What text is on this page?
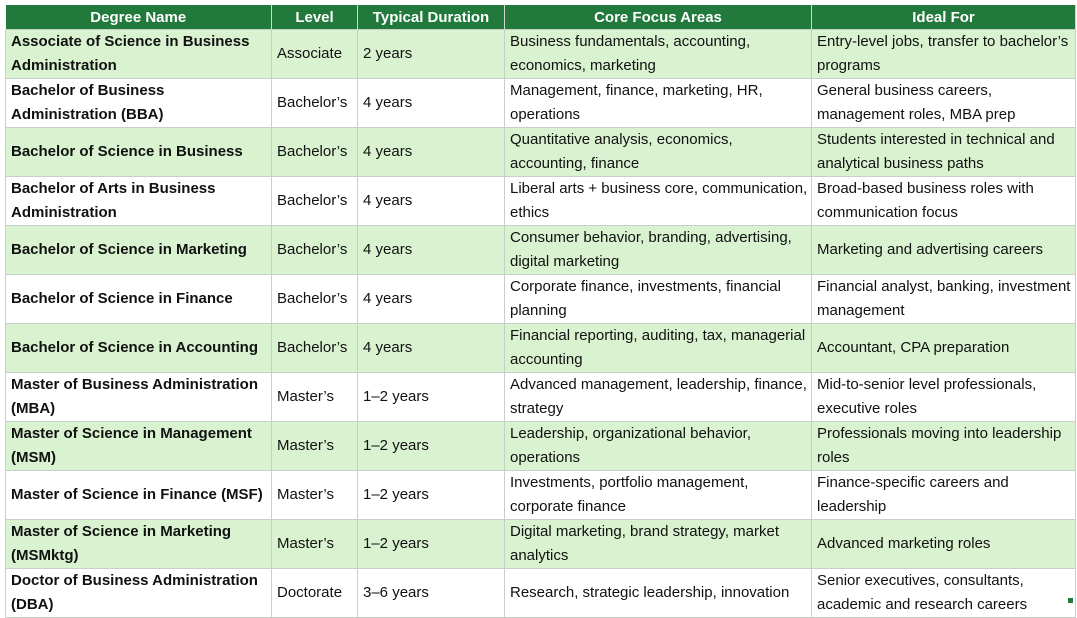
Degree Name	Level	Typical Duration	Core Focus Areas	Ideal For
Associate of Science in Business Administration	Associate	2 years	Business fundamentals, accounting, economics, marketing	Entry-level jobs, transfer to bachelor’s programs
Bachelor of Business Administration (BBA)	Bachelor’s	4 years	Management, finance, marketing, HR, operations	General business careers, management roles, MBA prep
Bachelor of Science in Business	Bachelor’s	4 years	Quantitative analysis, economics, accounting, finance	Students interested in technical and analytical business paths
Bachelor of Arts in Business Administration	Bachelor’s	4 years	Liberal arts + business core, communication, ethics	Broad-based business roles with communication focus
Bachelor of Science in Marketing	Bachelor’s	4 years	Consumer behavior, branding, advertising, digital marketing	Marketing and advertising careers
Bachelor of Science in Finance	Bachelor’s	4 years	Corporate finance, investments, financial planning	Financial analyst, banking, investment management
Bachelor of Science in Accounting	Bachelor’s	4 years	Financial reporting, auditing, tax, managerial accounting	Accountant, CPA preparation
Master of Business Administration (MBA)	Master’s	1–2 years	Advanced management, leadership, finance, strategy	Mid-to-senior level professionals, executive roles
Master of Science in Management (MSM)	Master’s	1–2 years	Leadership, organizational behavior, operations	Professionals moving into leadership roles
Master of Science in Finance (MSF)	Master’s	1–2 years	Investments, portfolio management, corporate finance	Finance-specific careers and leadership
Master of Science in Marketing (MSMktg)	Master’s	1–2 years	Digital marketing, brand strategy, market analytics	Advanced marketing roles
Doctor of Business Administration (DBA)	Doctorate	3–6 years	Research, strategic leadership, innovation	Senior executives, consultants, academic and research careers
